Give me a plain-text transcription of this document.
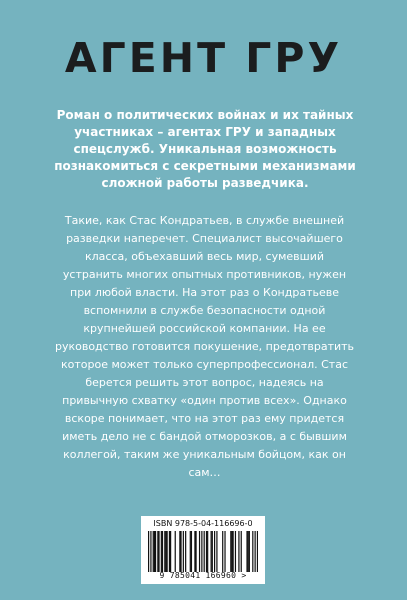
АГЕНТ ГРУ

Роман о политических войнах и их тайных участниках – агентах ГРУ и западных спецслужб. Уникальная возможность познакомиться с секретными механизмами сложной работы разведчика.

Такие, как Стас Кондратьев, в службе внешней разведки наперечет. Специалист высочайшего класса, объехавший весь мир, сумевший устранить многих опытных противников, нужен при любой власти. На этот раз о Кондратьеве вспомнили в службе безопасности одной крупнейшей российской компании. На ее руководство готовится покушение, предотвратить которое может только суперпрофессионал. Стас берется решить этот вопрос, надеясь на привычную схватку «один против всех». Однако вскоре понимает, что на этот раз ему придется иметь дело не с бандой отморозков, а с бывшим коллегой, таким же уникальным бойцом, как он сам…

ISBN 978-5-04-116696-0
9 785041 166960 >
